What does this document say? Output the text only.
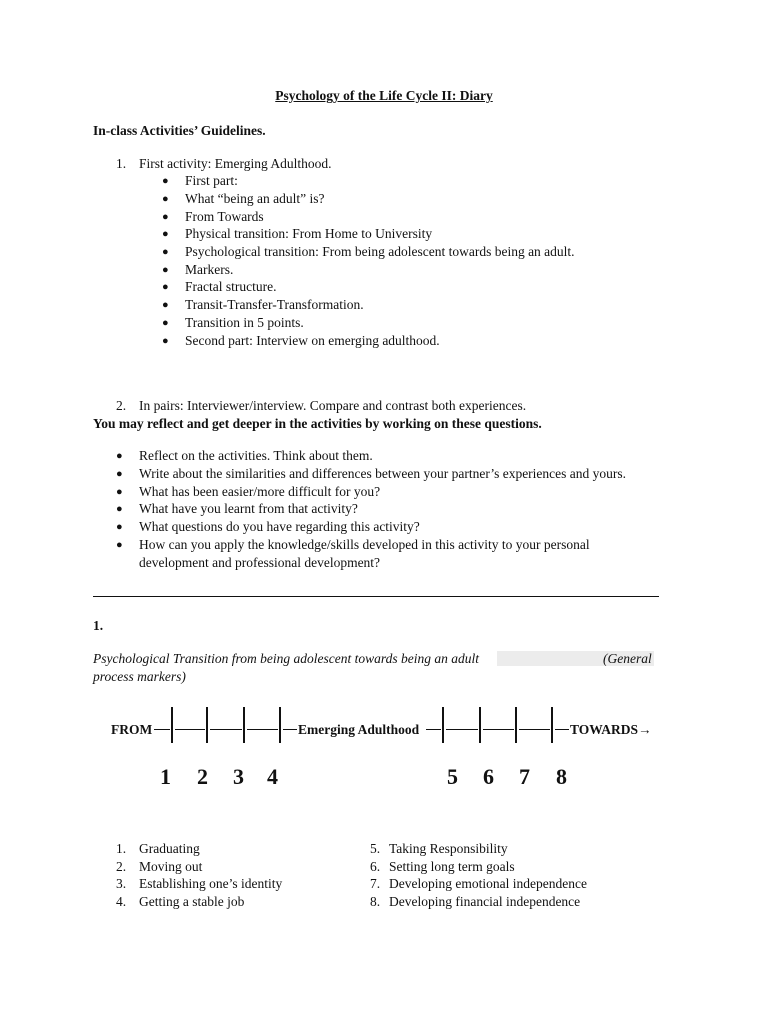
Psychology of the Life Cycle II: Diary
In-class Activities’ Guidelines.
1. First activity: Emerging Adulthood.
● First part:
● What “being an adult” is?
● From Towards
● Physical transition: From Home to University
● Psychological transition: From being adolescent towards being an adult.
● Markers.
● Fractal structure.
● Transit-Transfer-Transformation.
● Transition in 5 points.
● Second part: Interview on emerging adulthood.
2. In pairs: Interviewer/interview. Compare and contrast both experiences.
You may reflect and get deeper in the activities by working on these questions.
● Reflect on the activities. Think about them.
● Write about the similarities and differences between your partner’s experiences and yours.
● What has been easier/more difficult for you?
● What have you learnt from that activity?
● What questions do you have regarding this activity?
● How can you apply the knowledge/skills developed in this activity to your personal
development and professional development?
1.
Psychological Transition from being adolescent towards being an adult	(General
process markers)
FROM	Emerging Adulthood	TOWARDS→
1 2 3 4	5 6 7 8
1. Graduating
2. Moving out
3. Establishing one’s identity
4. Getting a stable job
5. Taking Responsibility
6. Setting long term goals
7. Developing emotional independence
8. Developing financial independence
